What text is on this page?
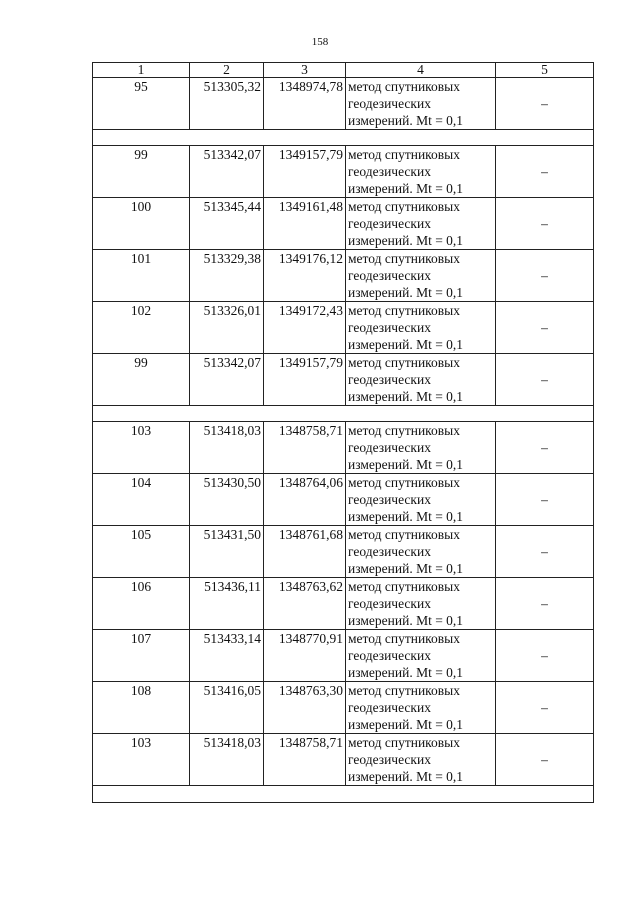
158
1	2	3	4	5
95	513305,32	1348974,78	метод спутниковых
геодезических
измерений. Mt = 0,1	–

99	513342,07	1349157,79	метод спутниковых
геодезических
измерений. Mt = 0,1	–
100	513345,44	1349161,48	метод спутниковых
геодезических
измерений. Mt = 0,1	–
101	513329,38	1349176,12	метод спутниковых
геодезических
измерений. Mt = 0,1	–
102	513326,01	1349172,43	метод спутниковых
геодезических
измерений. Mt = 0,1	–
99	513342,07	1349157,79	метод спутниковых
геодезических
измерений. Mt = 0,1	–

103	513418,03	1348758,71	метод спутниковых
геодезических
измерений. Mt = 0,1	–
104	513430,50	1348764,06	метод спутниковых
геодезических
измерений. Mt = 0,1	–
105	513431,50	1348761,68	метод спутниковых
геодезических
измерений. Mt = 0,1	–
106	513436,11	1348763,62	метод спутниковых
геодезических
измерений. Mt = 0,1	–
107	513433,14	1348770,91	метод спутниковых
геодезических
измерений. Mt = 0,1	–
108	513416,05	1348763,30	метод спутниковых
геодезических
измерений. Mt = 0,1	–
103	513418,03	1348758,71	метод спутниковых
геодезических
измерений. Mt = 0,1	–
